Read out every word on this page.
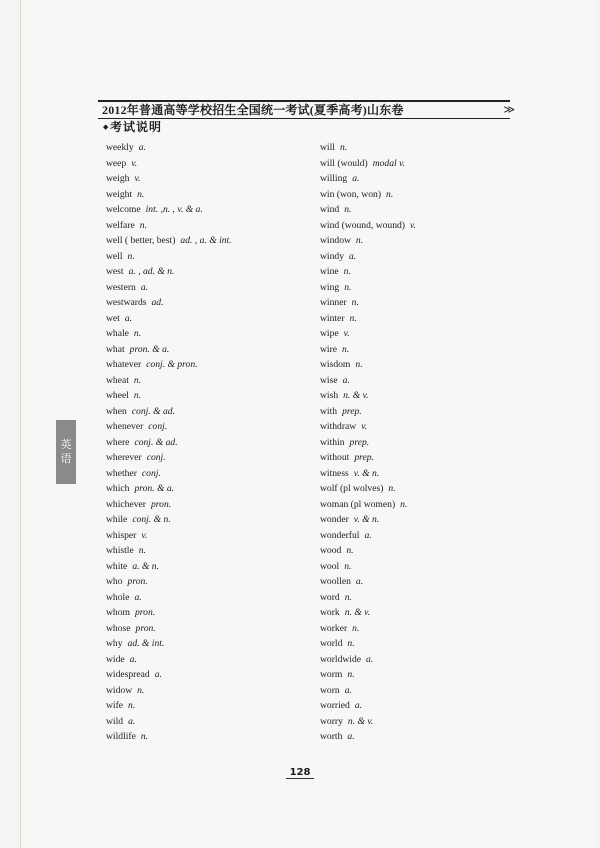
2012年普通高等学校招生全国统一考试(夏季高考)山东卷	≫
◆ 考试说明
英
语
weekly a.
weep v.
weigh v.
weight n.
welcome int. ,n. , v. & a.
welfare n.
well ( better, best) ad. , a. & int.
well n.
west a. , ad. & n.
western a.
westwards ad.
wet a.
whale n.
what pron. & a.
whatever conj. & pron.
wheat n.
wheel n.
when conj. & ad.
whenever conj.
where conj. & ad.
wherever conj.
whether conj.
which pron. & a.
whichever pron.
while conj. & n.
whisper v.
whistle n.
white a. & n.
who pron.
whole a.
whom pron.
whose pron.
why ad. & int.
wide a.
widespread a.
widow n.
wife n.
wild a.
wildlife n.
will n.
will (would) modal v.
willing a.
win (won, won) n.
wind n.
wind (wound, wound) v.
window n.
windy a.
wine n.
wing n.
winner n.
winter n.
wipe v.
wire n.
wisdom n.
wise a.
wish n. & v.
with prep.
withdraw v.
within prep.
without prep.
witness v. & n.
wolf (pl wolves) n.
woman (pl women) n.
wonder v. & n.
wonderful a.
wood n.
wool n.
woollen a.
word n.
work n. & v.
worker n.
world n.
worldwide a.
worm n.
worn a.
worried a.
worry n. & v.
worth a.
128
